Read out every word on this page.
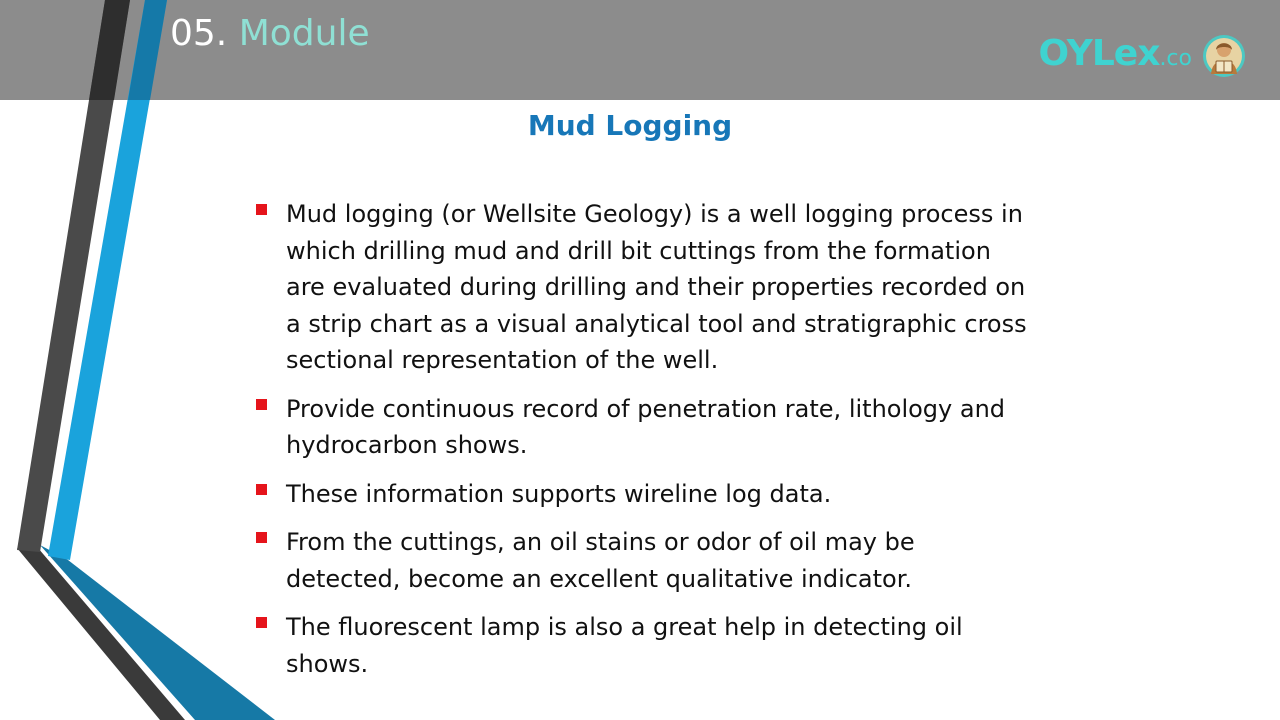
05. Module	OYLex.co
Mud Logging
Mud logging (or Wellsite Geology) is a well logging process in which drilling mud and drill bit cuttings from the formation are evaluated during drilling and their properties recorded on a strip chart as a visual analytical tool and stratigraphic cross sectional representation of the well.
Provide continuous record of penetration rate, lithology and hydrocarbon shows.
These information supports wireline log data.
From the cuttings, an oil stains or odor of oil may be detected, become an excellent qualitative indicator.
The fluorescent lamp is also a great help in detecting oil shows.
